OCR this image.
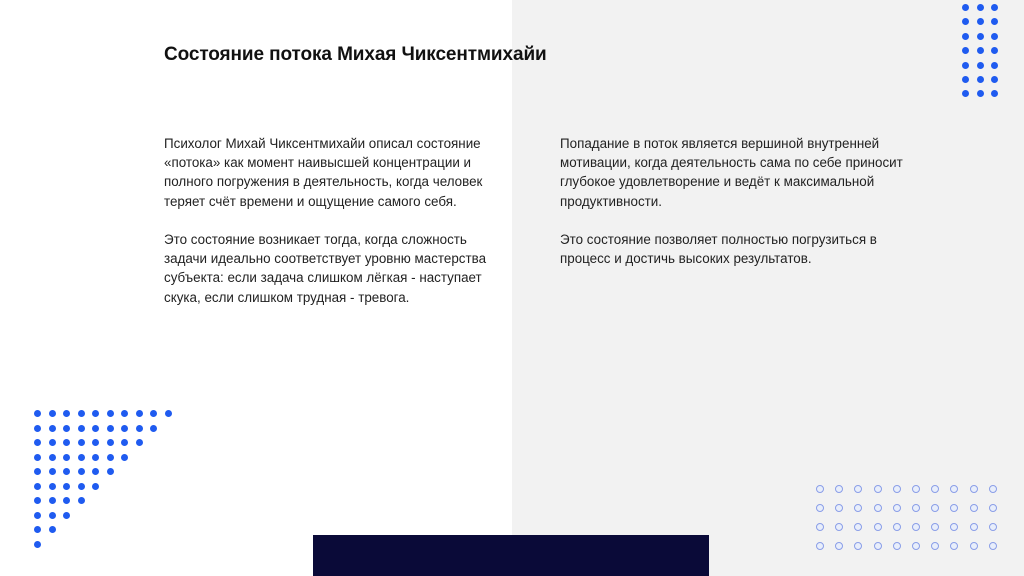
Состояние потока Михая Чиксентмихайи

Психолог Михай Чиксентмихайи описал состояние «потока» как момент наивысшей концентрации и полного погружения в деятельность, когда человек теряет счёт времени и ощущение самого себя.

Это состояние возникает тогда, когда сложность задачи идеально соответствует уровню мастерства субъекта: если задача слишком лёгкая - наступает скука, если слишком трудная - тревога.

Попадание в поток является вершиной внутренней мотивации, когда деятельность сама по себе приносит глубокое удовлетворение и ведёт к максимальной продуктивности.

Это состояние позволяет полностью погрузиться в процесс и достичь высоких результатов.
